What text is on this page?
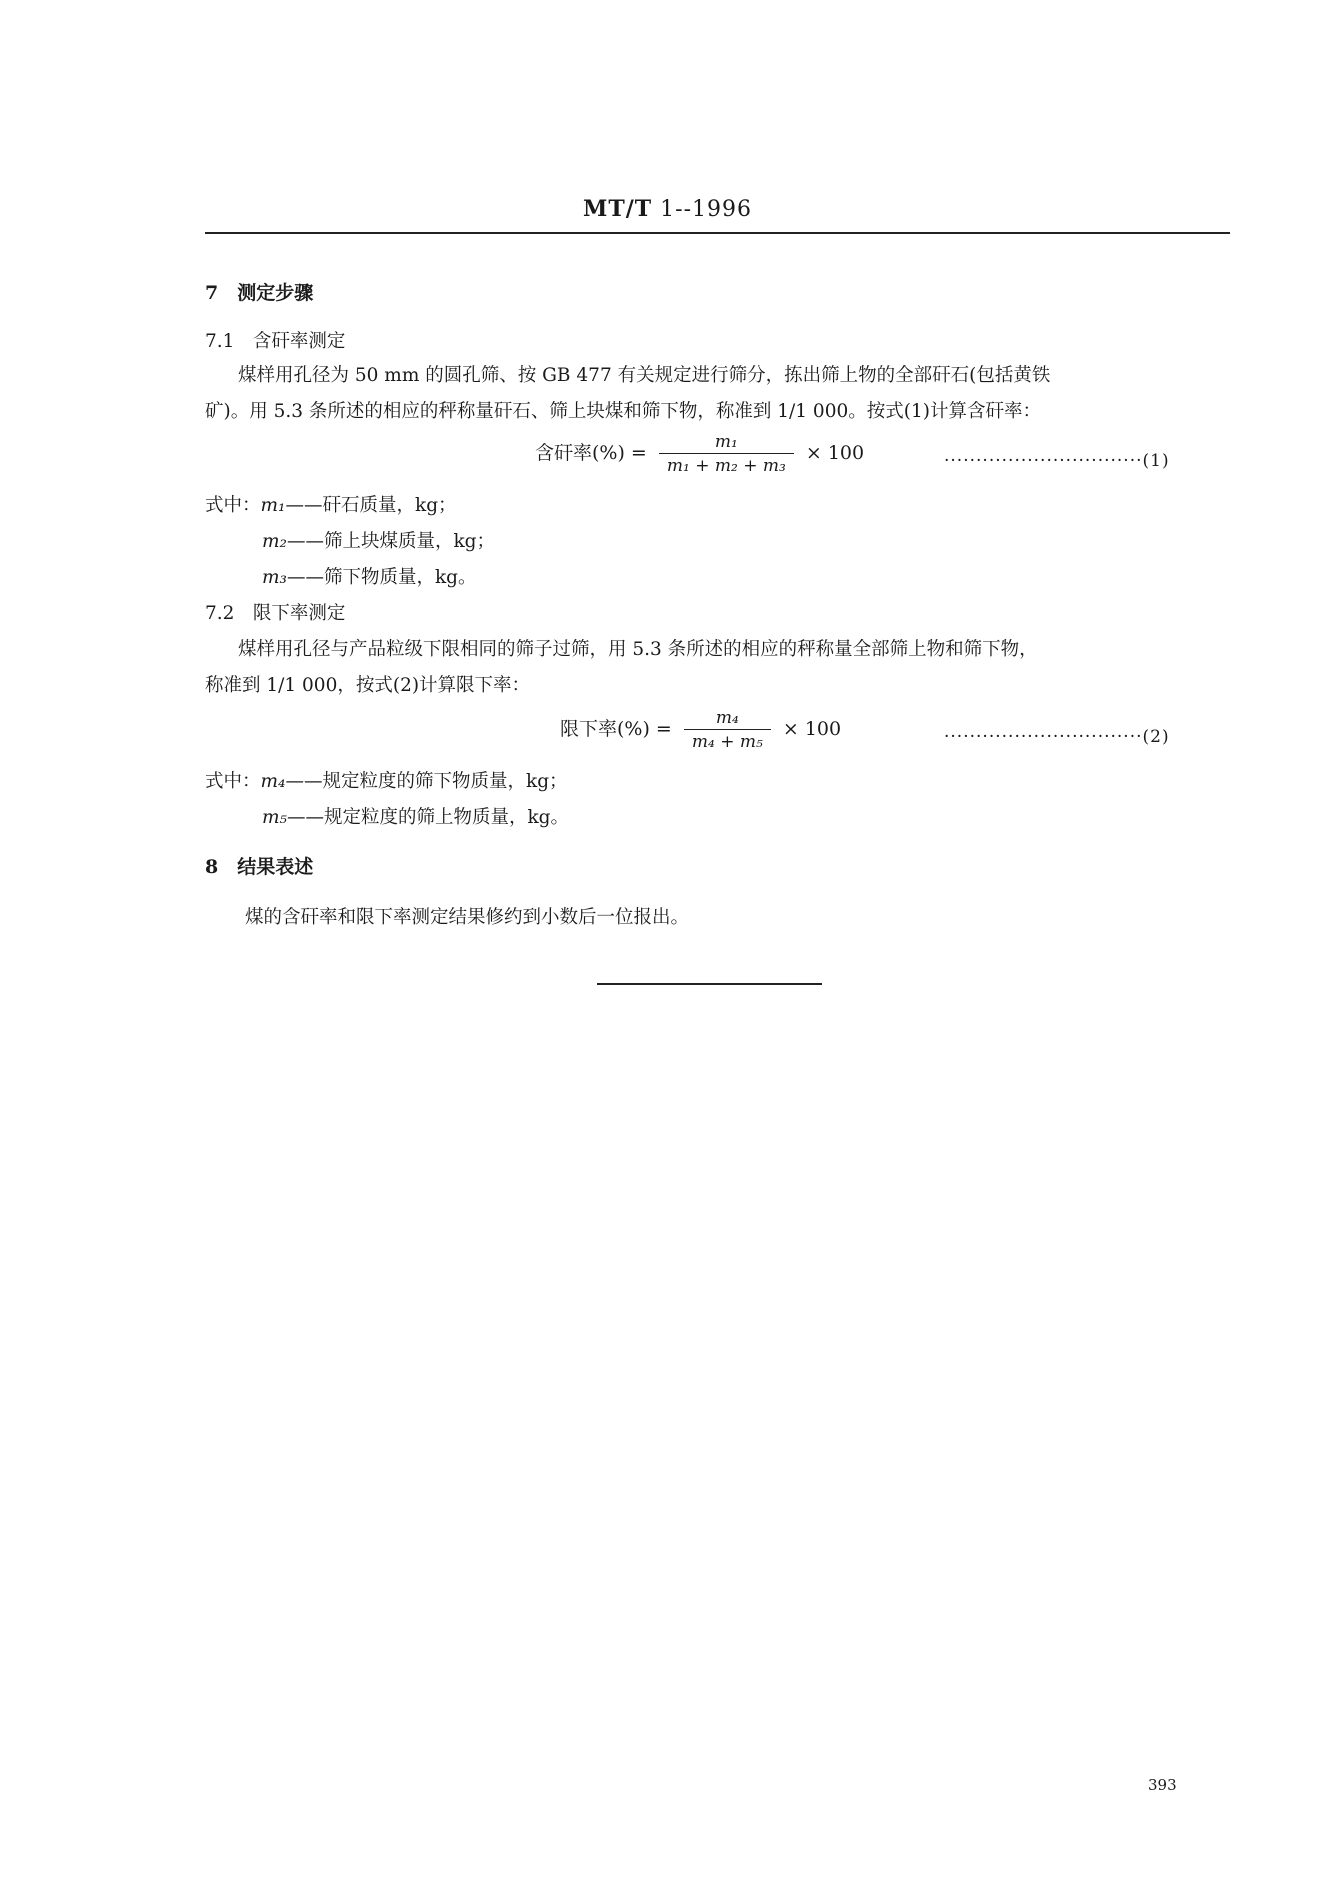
MT/T 1--1996
7　测定步骤
7.1　含矸率测定
煤样用孔径为 50 mm 的圆孔筛、按 GB 477 有关规定进行筛分，拣出筛上物的全部矸石(包括黄铁
矿)。用 5.3 条所述的相应的秤称量矸石、筛上块煤和筛下物，称准到 1/1 000。按式(1)计算含矸率：
含矸率(%) = $\frac{\text{m₁}}{\text{m₁ + m₂ + m₃}} \times 100$	·······························(1)
式中：m₁——矸石质量，kg；
m₂——筛上块煤质量，kg；
m₃——筛下物质量，kg。
7.2　限下率测定
煤样用孔径与产品粒级下限相同的筛子过筛，用 5.3 条所述的相应的秤称量全部筛上物和筛下物，
称准到 1/1 000，按式(2)计算限下率：
限下率(%) = $\frac{\text{m₄}}{\text{m₄ + m₅}} \times 100$	·······························(2)
式中：m₄——规定粒度的筛下物质量，kg；
m₅——规定粒度的筛上物质量，kg。
8　结果表述
煤的含矸率和限下率测定结果修约到小数后一位报出。
393
